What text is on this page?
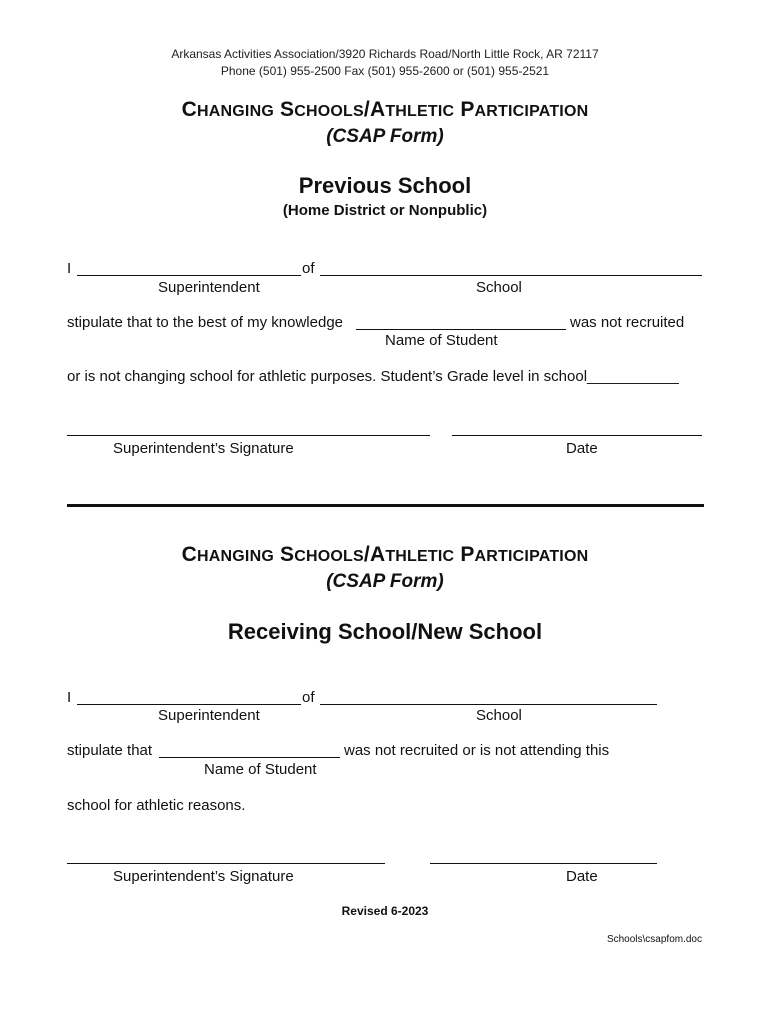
Arkansas Activities Association/3920 Richards Road/North Little Rock, AR 72117
Phone (501) 955-2500 Fax (501) 955-2600 or (501) 955-2521
CHANGING SCHOOLS/ATHLETIC PARTICIPATION
(CSAP Form)
Previous School
(Home District or Nonpublic)
I	of
Superintendent	School
stipulate that to the best of my knowledge	was not recruited
Name of Student
or is not changing school for athletic purposes. Student’s Grade level in school___________
Superintendent’s Signature	Date
CHANGING SCHOOLS/ATHLETIC PARTICIPATION
(CSAP Form)
Receiving School/New School
I	of
Superintendent	School
stipulate that	was not recruited or is not attending this
Name of Student
school for athletic reasons.
Superintendent’s Signature	Date
Revised 6-2023
Schools\csapfom.doc
